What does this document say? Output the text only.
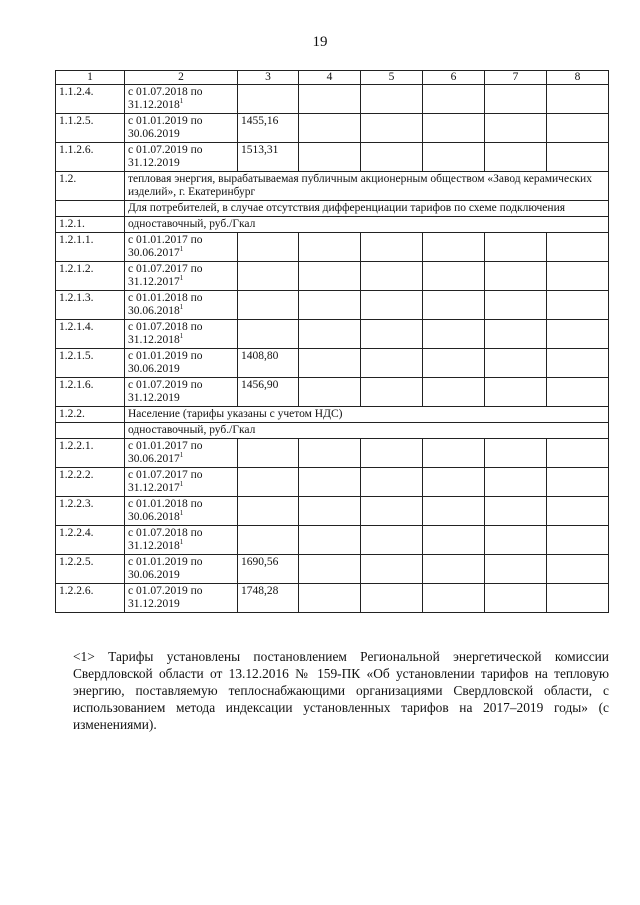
19
1	2	3	4	5	6	7	8
1.1.2.4.	с 01.07.2018 по
31.12.2018$^1$						
1.1.2.5.	с 01.01.2019 по
30.06.2019	1455,16					
1.1.2.6.	с 01.07.2019 по
31.12.2019	1513,31					
1.2.	тепловая энергия, вырабатываемая публичным акционерным обществом «Завод керамических изделий», г. Екатеринбург						
	Для потребителей, в случае отсутствия дифференциации тарифов по схеме подключения						
1.2.1.	одноставочный, руб./Гкал						
1.2.1.1.	с 01.01.2017 по
30.06.2017$^1$						
1.2.1.2.	с 01.07.2017 по
31.12.2017$^1$						
1.2.1.3.	с 01.01.2018 по
30.06.2018$^1$						
1.2.1.4.	с 01.07.2018 по
31.12.2018$^1$						
1.2.1.5.	с 01.01.2019 по
30.06.2019	1408,80					
1.2.1.6.	с 01.07.2019 по
31.12.2019	1456,90					
1.2.2.	Население (тарифы указаны с учетом НДС)						
	одноставочный, руб./Гкал						
1.2.2.1.	с 01.01.2017 по
30.06.2017$^1$						
1.2.2.2.	с 01.07.2017 по
31.12.2017$^1$						
1.2.2.3.	с 01.01.2018 по
30.06.2018$^1$						
1.2.2.4.	с 01.07.2018 по
31.12.2018$^1$						
1.2.2.5.	с 01.01.2019 по
30.06.2019	1690,56					
1.2.2.6.	с 01.07.2019 по
31.12.2019	1748,28					
<1> Тарифы установлены постановлением Региональной энергетической комиссии Свердловской области от 13.12.2016 № 159-ПК «Об установлении тарифов на тепловую энергию, поставляемую теплоснабжающими организациями Свердловской области, с использованием метода индексации установленных тарифов на 2017–2019 годы» (с изменениями).
